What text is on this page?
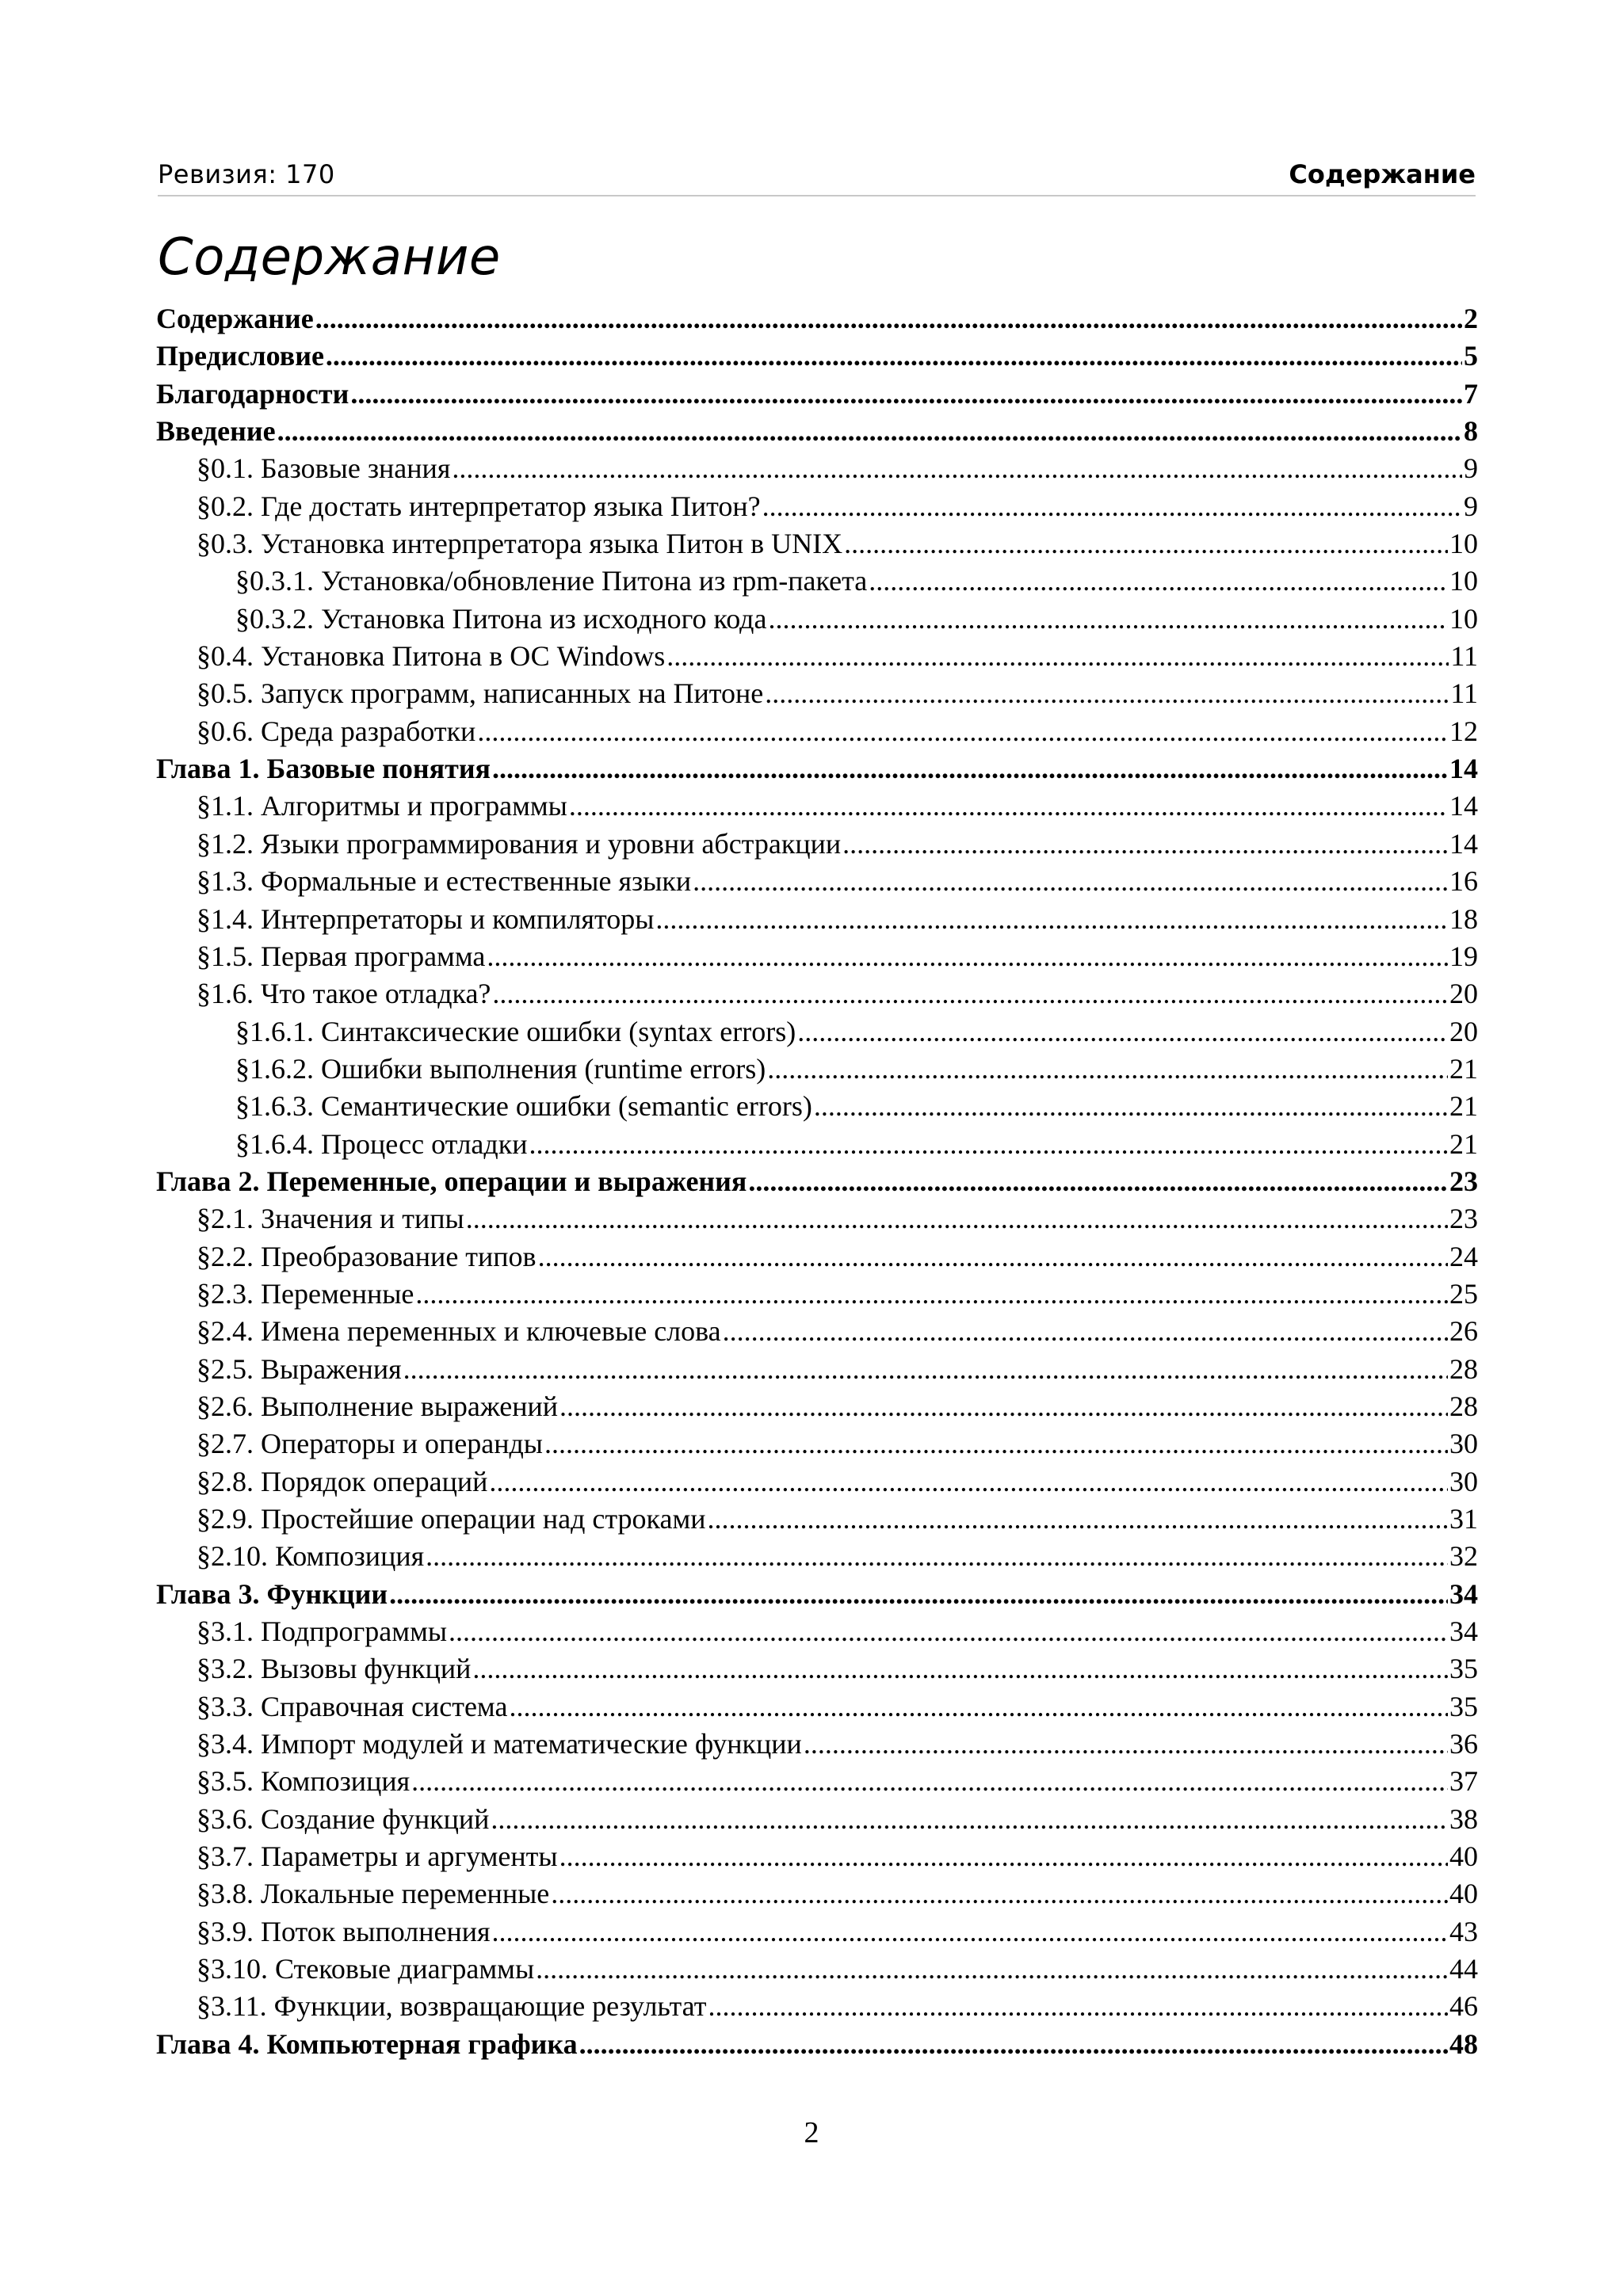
Ревизия: 170	Содержание
Содержание
Содержание .....	2
Предисловие .....	5
Благодарности .....	7
Введение .....	8
§0.1. Базовые знания .....	9
§0.2. Где достать интерпретатор языка Питон? .....	9
§0.3. Установка интерпретатора языка Питон в UNIX .....	10
§0.3.1. Установка/обновление Питона из rpm-пакета .....	10
§0.3.2. Установка Питона из исходного кода .....	10
§0.4. Установка Питона в ОС Windows .....	11
§0.5. Запуск программ, написанных на Питоне .....	11
§0.6. Среда разработки .....	12
Глава 1. Базовые понятия .....	14
§1.1. Алгоритмы и программы .....	14
§1.2. Языки программирования и уровни абстракции .....	14
§1.3. Формальные и естественные языки .....	16
§1.4. Интерпретаторы и компиляторы .....	18
§1.5. Первая программа .....	19
§1.6. Что такое отладка? .....	20
§1.6.1. Синтаксические ошибки (syntax errors) .....	20
§1.6.2. Ошибки выполнения (runtime errors) .....	21
§1.6.3. Семантические ошибки (semantic errors) .....	21
§1.6.4. Процесс отладки .....	21
Глава 2. Переменные, операции и выражения .....	23
§2.1. Значения и типы .....	23
§2.2. Преобразование типов .....	24
§2.3. Переменные .....	25
§2.4. Имена переменных и ключевые слова .....	26
§2.5. Выражения .....	28
§2.6. Выполнение выражений .....	28
§2.7. Операторы и операнды .....	30
§2.8. Порядок операций .....	30
§2.9. Простейшие операции над строками .....	31
§2.10. Композиция .....	32
Глава 3. Функции .....	34
§3.1. Подпрограммы .....	34
§3.2. Вызовы функций .....	35
§3.3. Справочная система .....	35
§3.4. Импорт модулей и математические функции .....	36
§3.5. Композиция .....	37
§3.6. Создание функций .....	38
§3.7. Параметры и аргументы .....	40
§3.8. Локальные переменные .....	40
§3.9. Поток выполнения .....	43
§3.10. Стековые диаграммы .....	44
§3.11. Функции, возвращающие результат .....	46
Глава 4. Компьютерная графика .....	48
2
